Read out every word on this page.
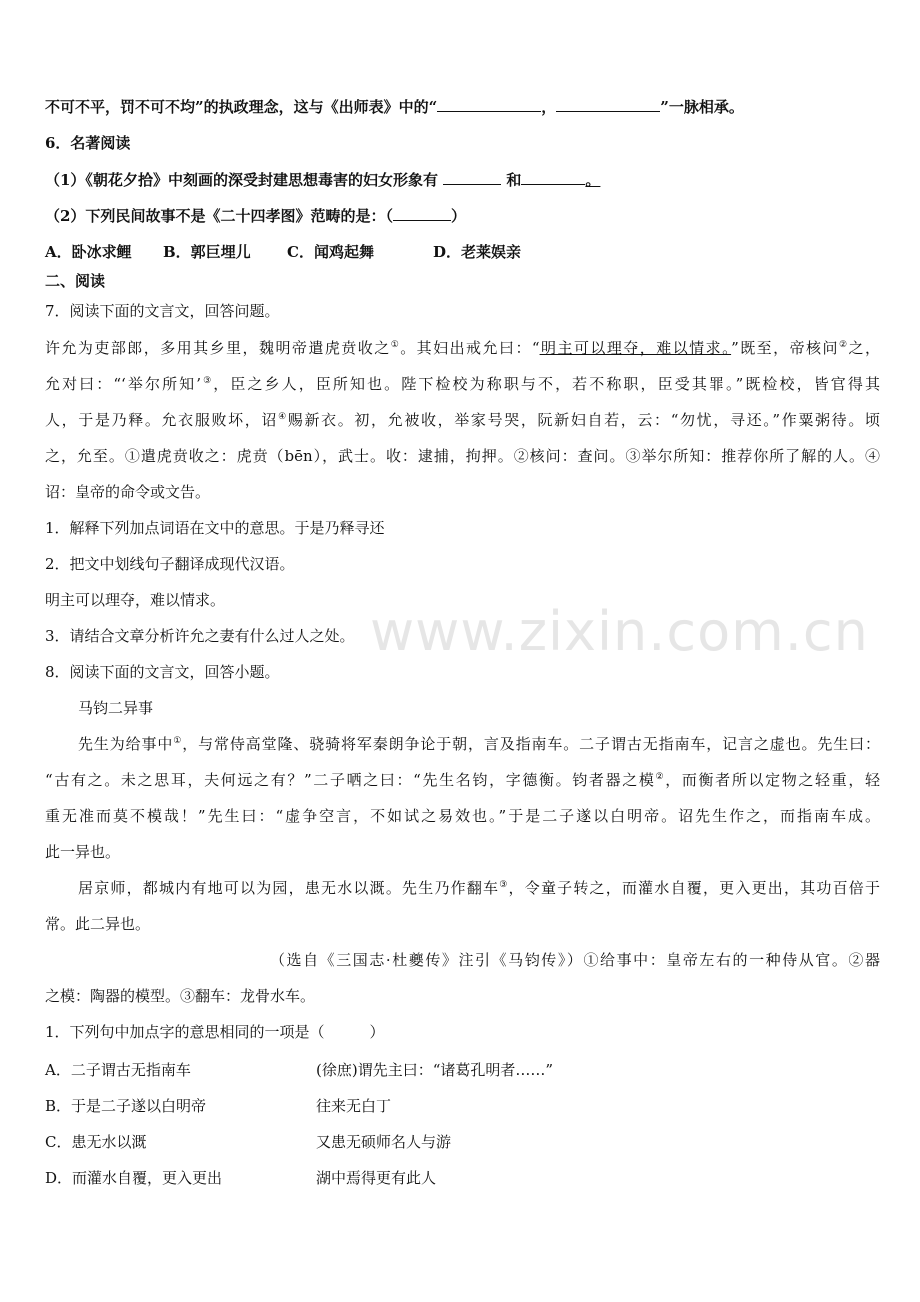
www.zixin.com.cn
不可不平，罚不可不均”的执政理念，这与《出师表》中的“	，	”一脉相承。
6．名著阅读
（1）《朝花夕拾》中刻画的深受封建思想毒害的妇女形象有	和	。
（2）下列民间故事不是《二十四孝图》范畴的是：（	）
A．卧冰求鲤 B．郭巨埋儿 C．闻鸡起舞	D．老莱娱亲
二、阅读
7．阅读下面的文言文，回答问题。
许允为吏部郎，多用其乡里，魏明帝遣虎贲收之①。其妇出戒允曰：“明主可以理夺，难以情求。”既至，帝核问②之，
允对曰：“‘举尔所知’③，臣之乡人，臣所知也。陛下检校为称职与不，若不称职，臣受其罪。”既检校，皆官得其
人，于是乃释。允衣服败坏，诏④赐新衣。初，允被收，举家号哭，阮新妇自若，云：“勿忧，寻还。”作粟粥待。顷
之，允至。①遣虎贲收之：虎贲（bēn），武士。收：逮捕，拘押。②核问：查问。③举尔所知：推荐你所了解的人。④
诏：皇帝的命令或文告。
1．解释下列加点词语在文中的意思。于是乃释寻还
2．把文中划线句子翻译成现代汉语。
明主可以理夺，难以情求。
3．请结合文章分析许允之妻有什么过人之处。
8．阅读下面的文言文，回答小题。
马钧二异事
先生为给事中①，与常侍高堂隆、骁骑将军秦朗争论于朝，言及指南车。二子谓古无指南车，记言之虚也。先生曰：
“古有之。未之思耳，夫何远之有？”二子哂之曰：“先生名钧，字德衡。钧者器之模②，而衡者所以定物之轻重，轻
重无准而莫不模哉！”先生曰：“虚争空言，不如试之易效也。”于是二子遂以白明帝。诏先生作之，而指南车成。
此一异也。
居京师，都城内有地可以为园，患无水以溉。先生乃作翻车③，令童子转之，而灌水自覆，更入更出，其功百倍于
常。此二异也。
（选自《三国志·杜夔传》注引《马钧传》）①给事中：皇帝左右的一种侍从官。②器
之模：陶器的模型。③翻车：龙骨水车。
1．下列句中加点字的意思相同的一项是（　　　）
A．二子谓古无指南车	(徐庶)谓先主曰：“诸葛孔明者……”
B．于是二子遂以白明帝	往来无白丁
C．患无水以溉	又患无硕师名人与游
D．而灌水自覆，更入更出	湖中焉得更有此人
